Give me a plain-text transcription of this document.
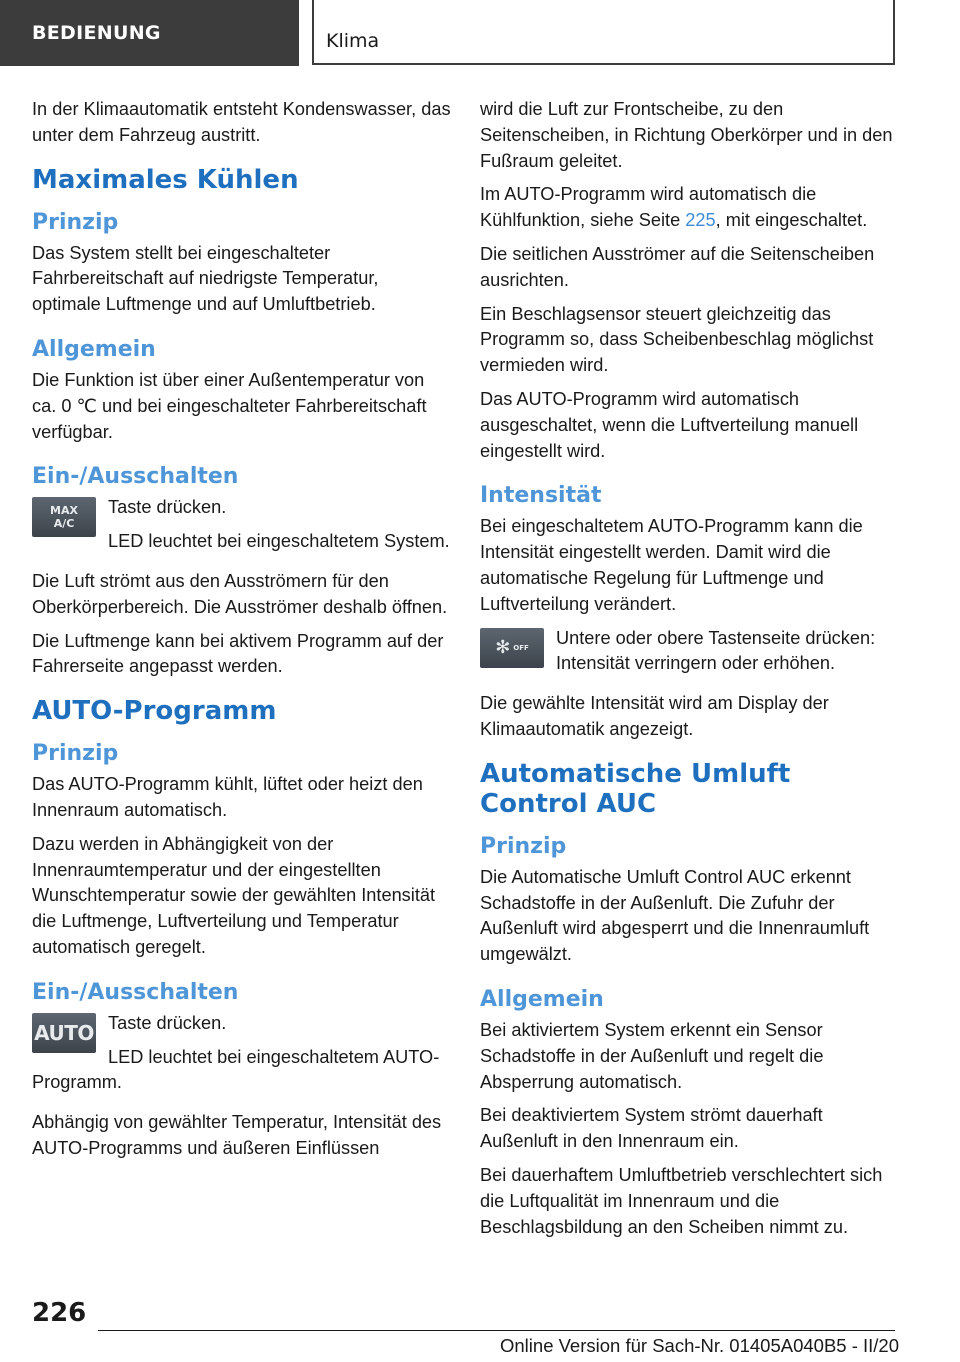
BEDIENUNG	Klima

In der Klimaautomatik entsteht Kondenswasser, das unter dem Fahrzeug austritt.

Maximales Kühlen
Prinzip

Das System stellt bei eingeschalteter Fahrbereitschaft auf niedrigste Temperatur, optimale Luftmenge und auf Umluftbetrieb.

Allgemein

Die Funktion ist über einer Außentemperatur von ca. 0 ℃ und bei eingeschalteter Fahrbereitschaft verfügbar.

Ein-/Ausschalten
MAX
A/C

Taste drücken.

LED leuchtet bei eingeschaltetem System.

Die Luft strömt aus den Ausströmern für den Oberkörperbereich. Die Ausströmer deshalb öffnen.

Die Luftmenge kann bei aktivem Programm auf der Fahrerseite angepasst werden.

AUTO-Programm
Prinzip

Das AUTO-Programm kühlt, lüftet oder heizt den Innenraum automatisch.

Dazu werden in Abhängigkeit von der Innenraumtemperatur und der eingestellten Wunschtemperatur sowie der gewählten Intensität die Luftmenge, Luftverteilung und Temperatur automatisch geregelt.

Ein-/Ausschalten
AUTO Taste drücken.

LED leuchtet bei eingeschaltetem AUTO-Programm.

Abhängig von gewählter Temperatur, Intensität des AUTO-Programms und äußeren Einflüssen

wird die Luft zur Frontscheibe, zu den Seitenscheiben, in Richtung Oberkörper und in den Fußraum geleitet.

Im AUTO-Programm wird automatisch die Kühlfunktion, siehe Seite 225, mit eingeschaltet.

Die seitlichen Ausströmer auf die Seitenscheiben ausrichten.

Ein Beschlagsensor steuert gleichzeitig das Programm so, dass Scheibenbeschlag möglichst vermieden wird.

Das AUTO-Programm wird automatisch ausgeschaltet, wenn die Luftverteilung manuell eingestellt wird.

Intensität

Bei eingeschaltetem AUTO-Programm kann die Intensität eingestellt werden. Damit wird die automatische Regelung für Luftmenge und Luftverteilung verändert.

✻ OFF	Untere oder obere Tastenseite drücken: Intensität verringern oder erhöhen.

Die gewählte Intensität wird am Display der Klimaautomatik angezeigt.

Automatische Umluft Control AUC
Prinzip

Die Automatische Umluft Control AUC erkennt Schadstoffe in der Außenluft. Die Zufuhr der Außenluft wird abgesperrt und die Innenraumluft umgewälzt.

Allgemein

Bei aktiviertem System erkennt ein Sensor Schadstoffe in der Außenluft und regelt die Absperrung automatisch.

Bei deaktiviertem System strömt dauerhaft Außenluft in den Innenraum ein.

Bei dauerhaftem Umluftbetrieb verschlechtert sich die Luftqualität im Innenraum und die Beschlagsbildung an den Scheiben nimmt zu.

226
Online Version für Sach-Nr. 01405A040B5 - II/20
